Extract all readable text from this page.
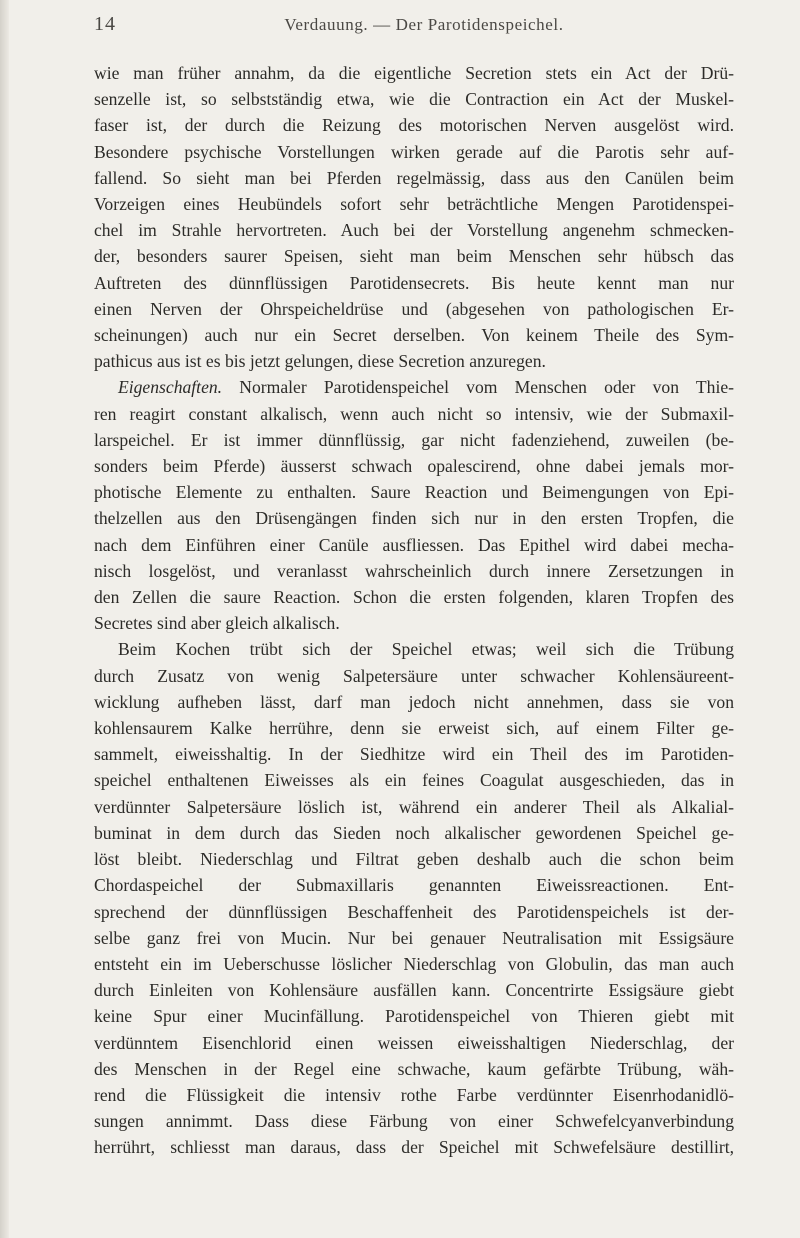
14	Verdauung. — Der Parotidenspeichel.
wie man früher annahm, da die eigentliche Secretion stets ein Act der Drü-
senzelle ist, so selbstständig etwa, wie die Contraction ein Act der Muskel-
faser ist, der durch die Reizung des motorischen Nerven ausgelöst wird.
Besondere psychische Vorstellungen wirken gerade auf die Parotis sehr auf-
fallend. So sieht man bei Pferden regelmässig, dass aus den Canülen beim
Vorzeigen eines Heubündels sofort sehr beträchtliche Mengen Parotidenspei-
chel im Strahle hervortreten. Auch bei der Vorstellung angenehm schmecken-
der, besonders saurer Speisen, sieht man beim Menschen sehr hübsch das
Auftreten des dünnflüssigen Parotidensecrets. Bis heute kennt man nur
einen Nerven der Ohrspeicheldrüse und (abgesehen von pathologischen Er-
scheinungen) auch nur ein Secret derselben. Von keinem Theile des Sym-
pathicus aus ist es bis jetzt gelungen, diese Secretion anzuregen.
Eigenschaften. Normaler Parotidenspeichel vom Menschen oder von Thie-
ren reagirt constant alkalisch, wenn auch nicht so intensiv, wie der Submaxil-
larspeichel. Er ist immer dünnflüssig, gar nicht fadenziehend, zuweilen (be-
sonders beim Pferde) äusserst schwach opalescirend, ohne dabei jemals mor-
photische Elemente zu enthalten. Saure Reaction und Beimengungen von Epi-
thelzellen aus den Drüsengängen finden sich nur in den ersten Tropfen, die
nach dem Einführen einer Canüle ausfliessen. Das Epithel wird dabei mecha-
nisch losgelöst, und veranlasst wahrscheinlich durch innere Zersetzungen in
den Zellen die saure Reaction. Schon die ersten folgenden, klaren Tropfen des
Secretes sind aber gleich alkalisch.
Beim Kochen trübt sich der Speichel etwas; weil sich die Trübung
durch Zusatz von wenig Salpetersäure unter schwacher Kohlensäureent-
wicklung aufheben lässt, darf man jedoch nicht annehmen, dass sie von
kohlensaurem Kalke herrühre, denn sie erweist sich, auf einem Filter ge-
sammelt, eiweisshaltig. In der Siedhitze wird ein Theil des im Parotiden-
speichel enthaltenen Eiweisses als ein feines Coagulat ausgeschieden, das in
verdünnter Salpetersäure löslich ist, während ein anderer Theil als Alkalial-
buminat in dem durch das Sieden noch alkalischer gewordenen Speichel ge-
löst bleibt. Niederschlag und Filtrat geben deshalb auch die schon beim
Chordaspeichel der Submaxillaris genannten Eiweissreactionen. Ent-
sprechend der dünnflüssigen Beschaffenheit des Parotidenspeichels ist der-
selbe ganz frei von Mucin. Nur bei genauer Neutralisation mit Essigsäure
entsteht ein im Ueberschusse löslicher Niederschlag von Globulin, das man auch
durch Einleiten von Kohlensäure ausfällen kann. Concentrirte Essigsäure giebt
keine Spur einer Mucinfällung. Parotidenspeichel von Thieren giebt mit
verdünntem Eisenchlorid einen weissen eiweisshaltigen Niederschlag, der
des Menschen in der Regel eine schwache, kaum gefärbte Trübung, wäh-
rend die Flüssigkeit die intensiv rothe Farbe verdünnter Eisenrhodanidlö-
sungen annimmt. Dass diese Färbung von einer Schwefelcyanverbindung
herrührt, schliesst man daraus, dass der Speichel mit Schwefelsäure destillirt,
